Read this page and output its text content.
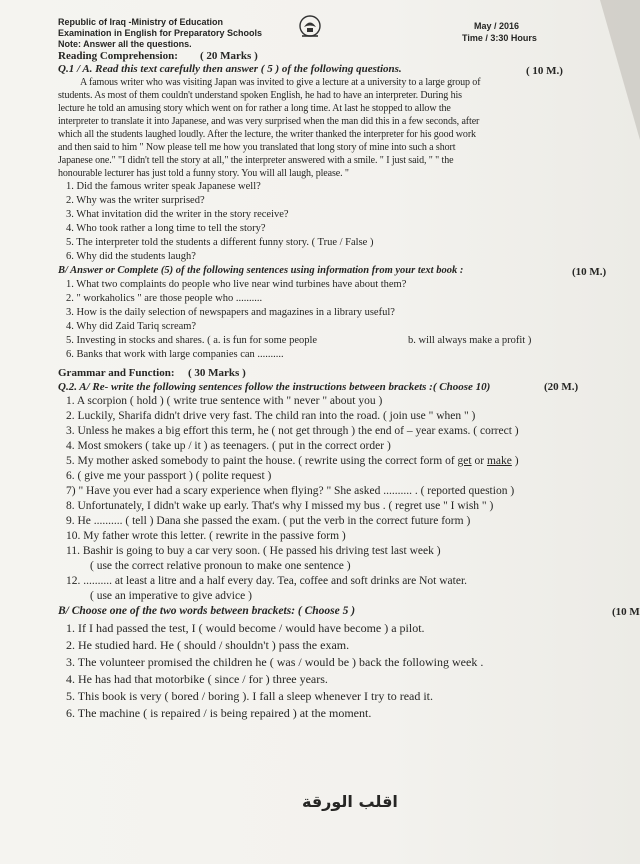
Republic of Iraq -Ministry of Education
Examination in English for Preparatory Schools
Note: Answer all the questions.
May / 2016
Time / 3:30 Hours
Reading Comprehension: ( 20 Marks )
Q.1 / A. Read this text carefully then answer ( 5 ) of the following questions.	( 10 M.)
A famous writer who was visiting Japan was invited to give a lecture at a university to a large group of
students. As most of them couldn't understand spoken English, he had to have an interpreter. During his
lecture he told an amusing story which went on for rather a long time. At last he stopped to allow the
interpreter to translate it into Japanese, and was very surprised when the man did this in a few seconds, after
which all the students laughed loudly. After the lecture, the writer thanked the interpreter for his good work
and then said to him " Now please tell me how you translated that long story of mine into such a short
Japanese one." "I didn't tell the story at all," the interpreter answered with a smile. " I just said, " " the
honourable lecturer has just told a funny story. You will all laugh, please. "
1. Did the famous writer speak Japanese well?
2. Why was the writer surprised?
3. What invitation did the writer in the story receive?
4. Who took rather a long time to tell the story?
5. The interpreter told the students a different funny story. ( True / False )
6. Why did the students laugh?
B/ Answer or Complete (5) of the following sentences using information from your text book :	(10 M.)
1. What two complaints do people who live near wind turbines have about them?
2. " workaholics " are those people who ..........
3. How is the daily selection of newspapers and magazines in a library useful?
4. Why did Zaid Tariq scream?
5. Investing in stocks and shares. ( a. is fun for some people	b. will always make a profit )
6. Banks that work with large companies can ..........
Grammar and Function: ( 30 Marks )
Q.2. A/ Re- write the following sentences follow the instructions between brackets :( Choose 10)	(20 M.)
1. A scorpion ( hold ) ( write true sentence with " never " about you )
2. Luckily, Sharifa didn't drive very fast. The child ran into the road. ( join use " when " )
3. Unless he makes a big effort this term, he ( not get through ) the end of – year exams. ( correct )
4. Most smokers ( take up / it ) as teenagers. ( put in the correct order )
5. My mother asked somebody to paint the house. ( rewrite using the correct form of get or make )
6. ( give me your passport ) ( polite request )
7) " Have you ever had a scary experience when flying? " She asked .......... . ( reported question )
8. Unfortunately, I didn't wake up early. That's why I missed my bus . ( regret use " I wish " )
9. He .......... ( tell ) Dana she passed the exam. ( put the verb in the correct future form )
10. My father wrote this letter. ( rewrite in the passive form )
11. Bashir is going to buy a car very soon. ( He passed his driving test last week )
( use the correct relative pronoun to make one sentence )
12. .......... at least a litre and a half every day. Tea, coffee and soft drinks are Not water.
( use an imperative to give advice )
B/ Choose one of the two words between brackets: ( Choose 5 )	(10 M
1. If I had passed the test, I ( would become / would have become ) a pilot.
2. He studied hard. He ( should / shouldn't ) pass the exam.
3. The volunteer promised the children he ( was / would be ) back the following week .
4. He has had that motorbike ( since / for ) three years.
5. This book is very ( bored / boring ). I fall a sleep whenever I try to read it.
6. The machine ( is repaired / is being repaired ) at the moment.
اقلب الورقة
